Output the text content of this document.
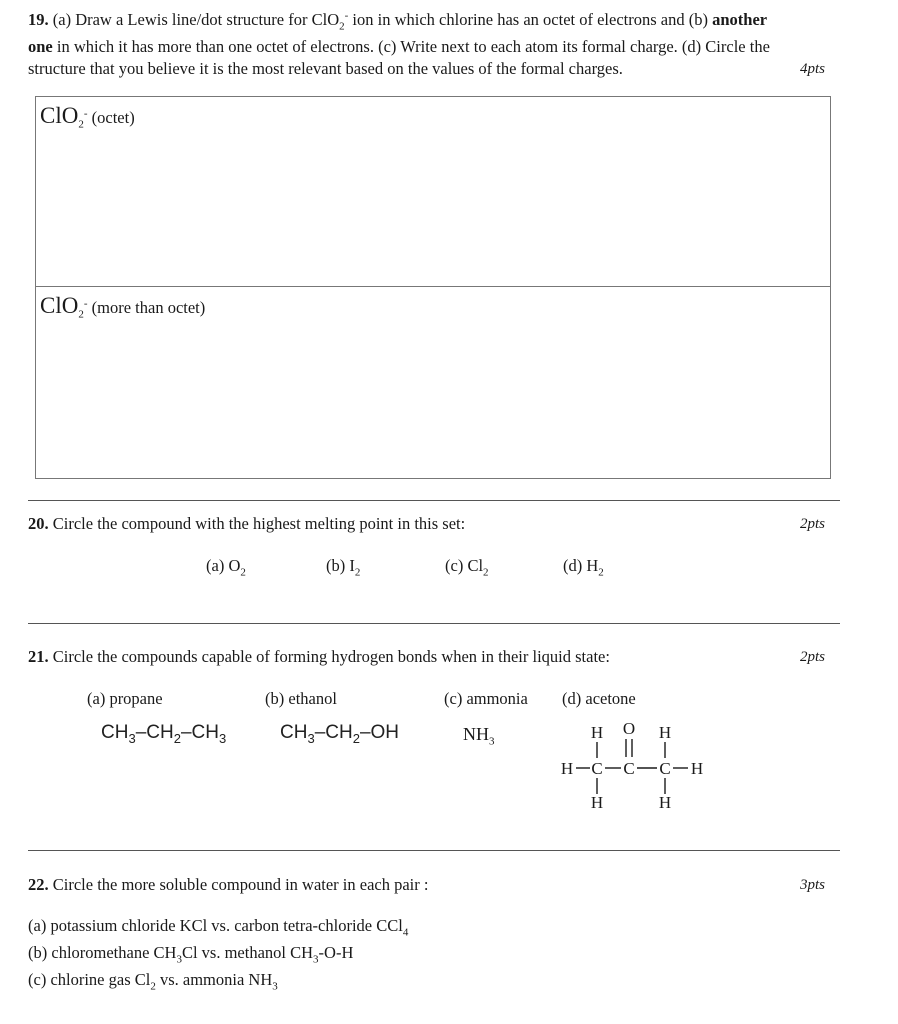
19. (a) Draw a Lewis line/dot structure for ClO$_2$- ion in which chlorine has an octet of electrons and (b) another
one in which it has more than one octet of electrons. (c) Write next to each atom its formal charge. (d) Circle the
structure that you believe it is the most relevant based on the values of the formal charges.	4pts
ClO$_2$- (octet)
ClO$_2$- (more than octet)
20. Circle the compound with the highest melting point in this set:	2pts
(a) $O_2$	(b) $I_2$	(c) $Cl_2$	(d) $H_2$
21. Circle the compounds capable of forming hydrogen bonds when in their liquid state:	2pts
(a) propane	(b) ethanol	(c) ammonia (d) acetone
$CH_3-CH_2-CH_3$	$CH_3-CH_2-OH$	$NH_3$	H O H
H C C C H
H	H
22. Circle the more soluble compound in water in each pair :	3pts
(a) potassium chloride KCl vs. carbon tetra-chloride CCl$_4$
(b) chloromethane $CH_3Cl$ vs. methanol $CH_3-O-H$
(c) chlorine gas $Cl_2$ vs. ammonia $NH_3$
